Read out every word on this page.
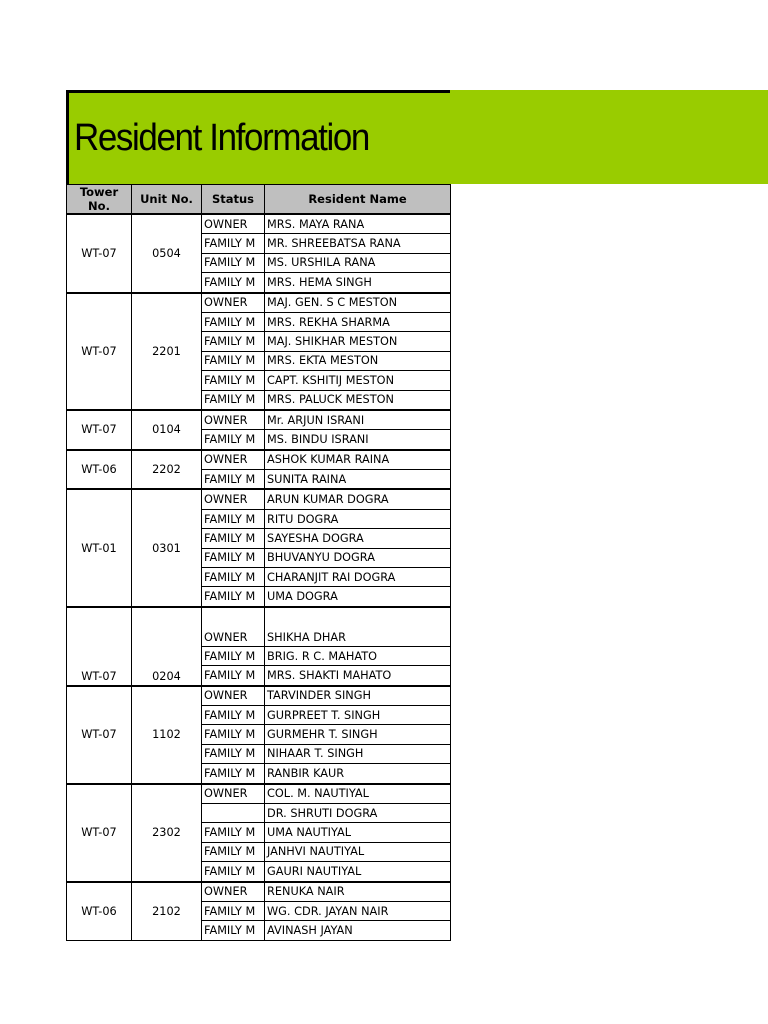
Resident Information
Tower No.	Unit No.	Status	Resident Name
WT-07	0504	OWNER	MRS. MAYA RANA
		FAMILY M	MR. SHREEBATSA RANA
		FAMILY M	MS. URSHILA RANA
		FAMILY M	MRS. HEMA SINGH
WT-07	2201	OWNER	MAJ. GEN. S C MESTON
		FAMILY M	MRS. REKHA SHARMA
		FAMILY M	MAJ. SHIKHAR MESTON
		FAMILY M	MRS. EKTA MESTON
		FAMILY M	CAPT. KSHITIJ MESTON
		FAMILY M	MRS. PALUCK MESTON
WT-07	0104	OWNER	Mr. ARJUN ISRANI
		FAMILY M	MS. BINDU ISRANI
WT-06	2202	OWNER	ASHOK KUMAR RAINA
		FAMILY M	SUNITA RAINA
WT-01	0301	OWNER	ARUN KUMAR DOGRA
		FAMILY M	RITU DOGRA
		FAMILY M	SAYESHA DOGRA
		FAMILY M	BHUVANYU DOGRA
		FAMILY M	CHARANJIT RAI DOGRA
		FAMILY M	UMA DOGRA
WT-07	0204	OWNER	SHIKHA DHAR
		FAMILY M	BRIG. R C. MAHATO
		FAMILY M	MRS. SHAKTI MAHATO
WT-07	1102	OWNER	TARVINDER SINGH
		FAMILY M	GURPREET T. SINGH
		FAMILY M	GURMEHR T. SINGH
		FAMILY M	NIHAAR T. SINGH
		FAMILY M	RANBIR KAUR
WT-07	2302	OWNER	COL. M. NAUTIYAL
			DR. SHRUTI DOGRA
		FAMILY M	UMA NAUTIYAL
		FAMILY M	JANHVI NAUTIYAL
		FAMILY M	GAURI NAUTIYAL
WT-06	2102	OWNER	RENUKA NAIR
		FAMILY M	WG. CDR. JAYAN NAIR
		FAMILY M	AVINASH JAYAN
